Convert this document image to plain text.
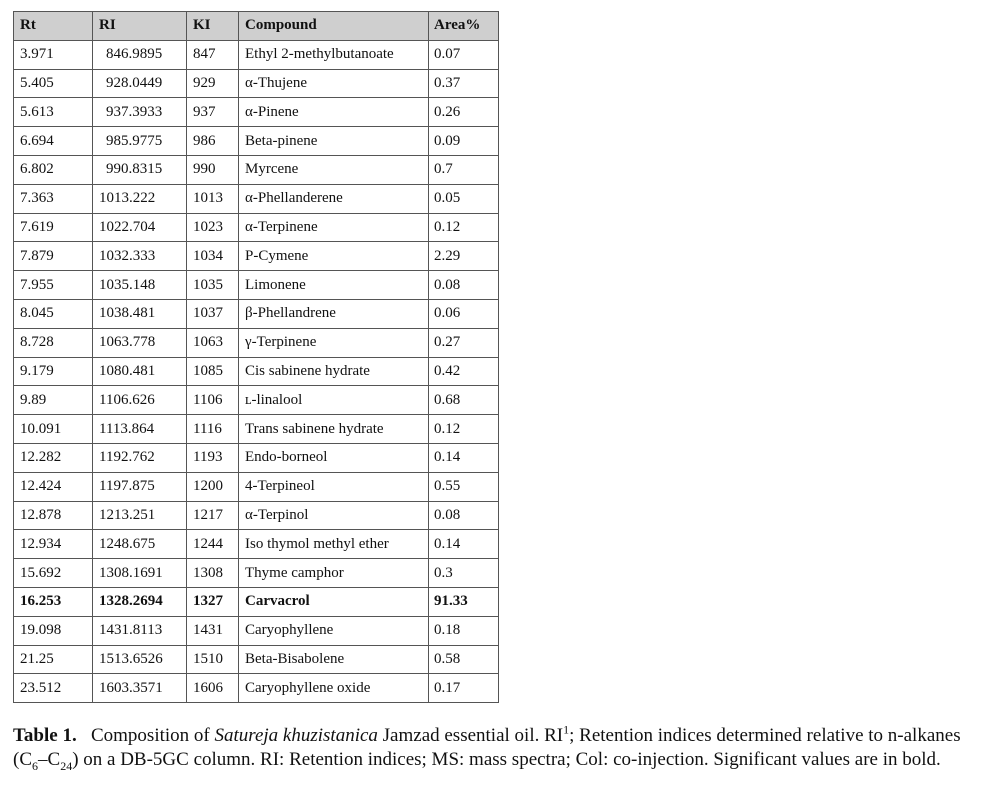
Rt	RI	KI	Compound	Area%
3.971	846.9895	847	Ethyl 2-methylbutanoate	0.07
5.405	928.0449	929	α-Thujene	0.37
5.613	937.3933	937	α-Pinene	0.26
6.694	985.9775	986	Beta-pinene	0.09
6.802	990.8315	990	Myrcene	0.7
7.363	1013.222	1013	α-Phellanderene	0.05
7.619	1022.704	1023	α-Terpinene	0.12
7.879	1032.333	1034	P-Cymene	2.29
7.955	1035.148	1035	Limonene	0.08
8.045	1038.481	1037	β-Phellandrene	0.06
8.728	1063.778	1063	γ-Terpinene	0.27
9.179	1080.481	1085	Cis sabinene hydrate	0.42
9.89	1106.626	1106	ʟ-linalool	0.68
10.091	1113.864	1116	Trans sabinene hydrate	0.12
12.282	1192.762	1193	Endo-borneol	0.14
12.424	1197.875	1200	4-Terpineol	0.55
12.878	1213.251	1217	α-Terpinol	0.08
12.934	1248.675	1244	Iso thymol methyl ether	0.14
15.692	1308.1691	1308	Thyme camphor	0.3
16.253	1328.2694	1327	Carvacrol	91.33
19.098	1431.8113	1431	Caryophyllene	0.18
21.25	1513.6526	1510	Beta-Bisabolene	0.58
23.512	1603.3571	1606	Caryophyllene oxide	0.17

Table 1. Composition of Satureja khuzistanica Jamzad essential oil. $RI^1$; Retention indices determined relative to n-alkanes $(C_6-C_{24})$ on a DB-5GC column. RI: Retention indices; MS: mass spectra; Col: co-injection. Significant values are in bold.
